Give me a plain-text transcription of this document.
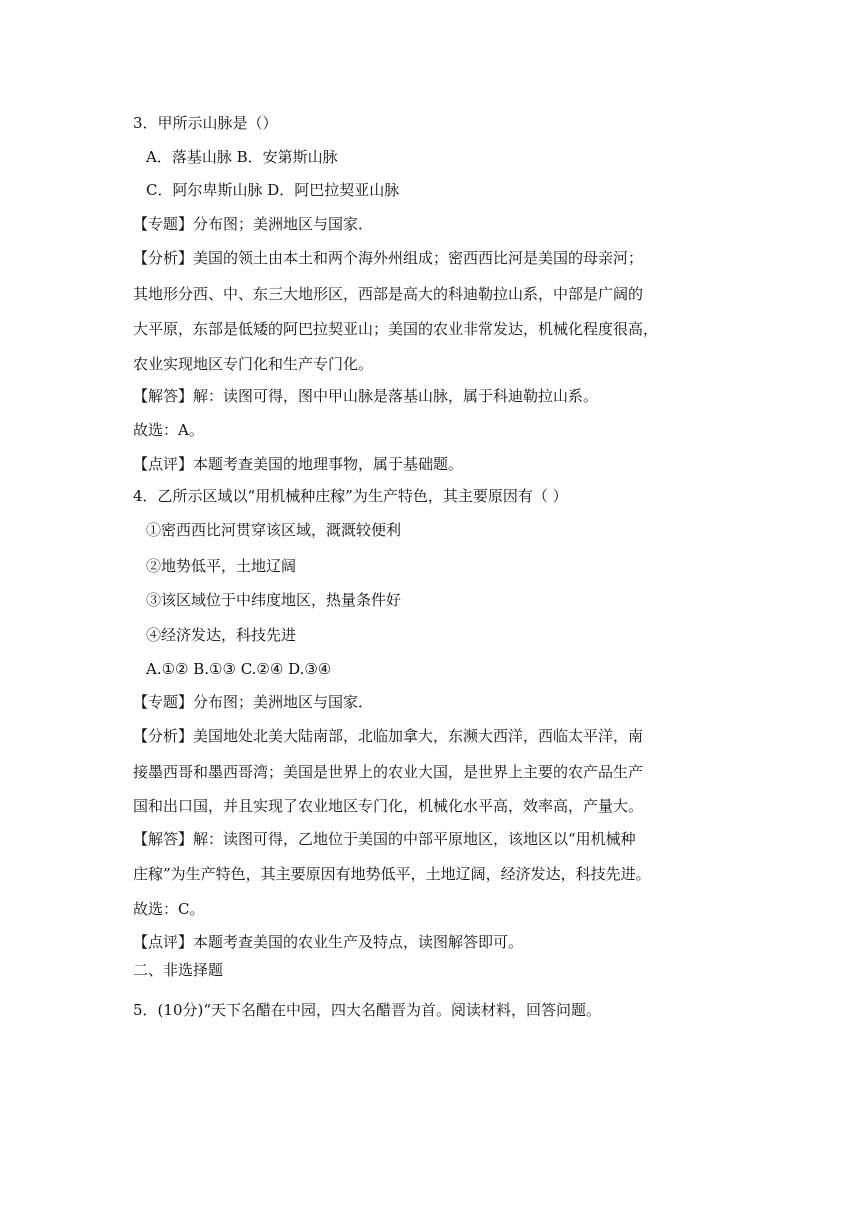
3．甲所示山脉是（）
A．落基山脉 B．安第斯山脉
C．阿尔卑斯山脉 D．阿巴拉契亚山脉
【专题】分布图；美洲地区与国家．
【分析】美国的领土由本土和两个海外州组成；密西西比河是美国的母亲河；
其地形分西、中、东三大地形区，西部是高大的科迪勒拉山系，中部是广阔的
大平原，东部是低矮的阿巴拉契亚山；美国的农业非常发达，机械化程度很高，
农业实现地区专门化和生产专门化。
【解答】解：读图可得，图中甲山脉是落基山脉，属于科迪勒拉山系。
故选：A。
【点评】本题考查美国的地理事物，属于基础题。
4．乙所示区域以“用机械种庄稼”为生产特色，其主要原因有（ ）
①密西西比河贯穿该区域，溉溉较便利
②地势低平，土地辽阔
③该区域位于中纬度地区，热量条件好
④经济发达，科技先进
A.①② B.①③ C.②④ D.③④
【专题】分布图；美洲地区与国家．
【分析】美国地处北美大陆南部，北临加拿大，东濒大西洋，西临太平洋，南
接墨西哥和墨西哥湾；美国是世界上的农业大国，是世界上主要的农产品生产
国和出口国，并且实现了农业地区专门化，机械化水平高，效率高，产量大。
【解答】解：读图可得，乙地位于美国的中部平原地区，该地区以“用机械种
庄稼”为生产特色，其主要原因有地势低平，土地辽阔，经济发达，科技先进。
故选：C。
【点评】本题考查美国的农业生产及特点，读图解答即可。
二、非选择题
5．(10分)“天下名醋在中园，四大名醋晋为首。阅读材料，回答问题。
